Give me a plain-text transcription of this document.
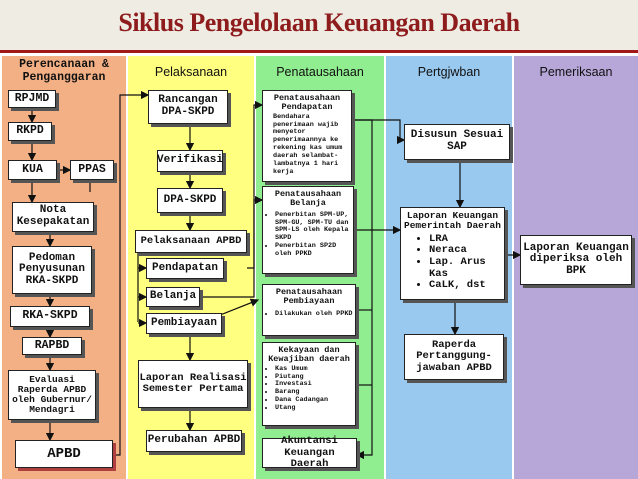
Siklus Pengelolaan Keuangan Daerah
Perencanaan & Penganggaran	Pelaksanaan	Penatausahaan	Pertgjwban	Pemeriksaan
RPJMD
RKPD
KUA	PPAS
Nota Kesepakatan
Pedoman Penyusunan RKA-SKPD
RKA-SKPD
RAPBD
Evaluasi Raperda APBD oleh Gubernur/ Mendagri
APBD
Rancangan DPA-SKPD
Verifikasi
DPA-SKPD
Pelaksanaan APBD
Pendapatan
Belanja
Pembiayaan
Laporan Realisasi Semester Pertama
Perubahan APBD
Penatausahaan Pendapatan
Bendahara penerimaan wajib menyetor penerimaannya ke rekening kas umum daerah selambat-lambatnya 1 hari kerja
Penatausahaan Belanja
• Penerbitan SPM-UP, SPM-GU, SPM-TU dan SPM-LS oleh Kepala SKPD
• Penerbitan SP2D oleh PPKD
Penatausahaan Pembiayaan
• Dilakukan oleh PPKD
Kekayaan dan Kewajiban daerah
• Kas Umum
• Piutang
• Investasi
• Barang
• Dana Cadangan
• Utang
Akuntansi Keuangan Daerah
Disusun Sesuai SAP
Laporan Keuangan Pemerintah Daerah
• LRA
• Neraca
• Lap. Arus Kas
• CaLK, dst
Raperda Pertanggung-jawaban APBD
Laporan Keuangan diperiksa oleh BPK
